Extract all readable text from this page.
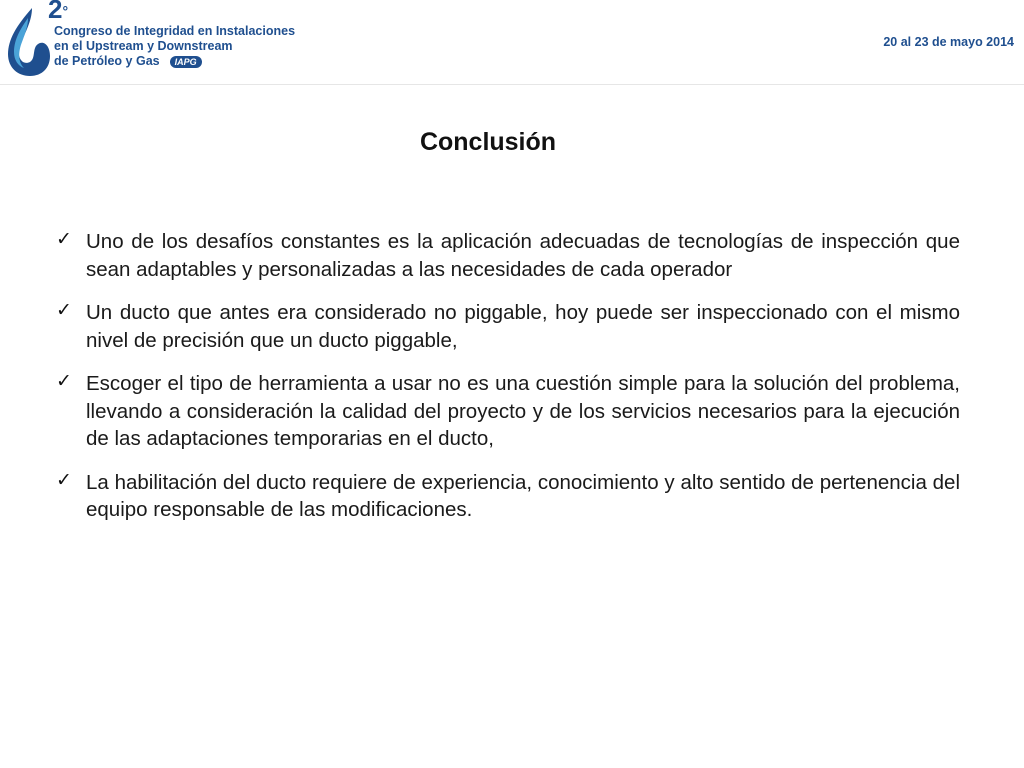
2°
Congreso de Integridad en Instalaciones
en el Upstream y Downstream
de Petróleo y Gas IAPG
20 al 23 de mayo 2014
Conclusión
✓ Uno de los desafíos constantes es la aplicación adecuadas de tecnologías de inspección que sean adaptables y personalizadas a las necesidades de cada operador
✓ Un ducto que antes era considerado no piggable, hoy puede ser inspeccionado con el mismo nivel de precisión que un ducto piggable,
✓ Escoger el tipo de herramienta a usar no es una cuestión simple para la solución del problema, llevando a consideración la calidad del proyecto y de los servicios necesarios para la ejecución de las adaptaciones temporarias en el ducto,
✓ La habilitación del ducto requiere de experiencia, conocimiento y alto sentido de pertenencia del equipo responsable de las modificaciones.
